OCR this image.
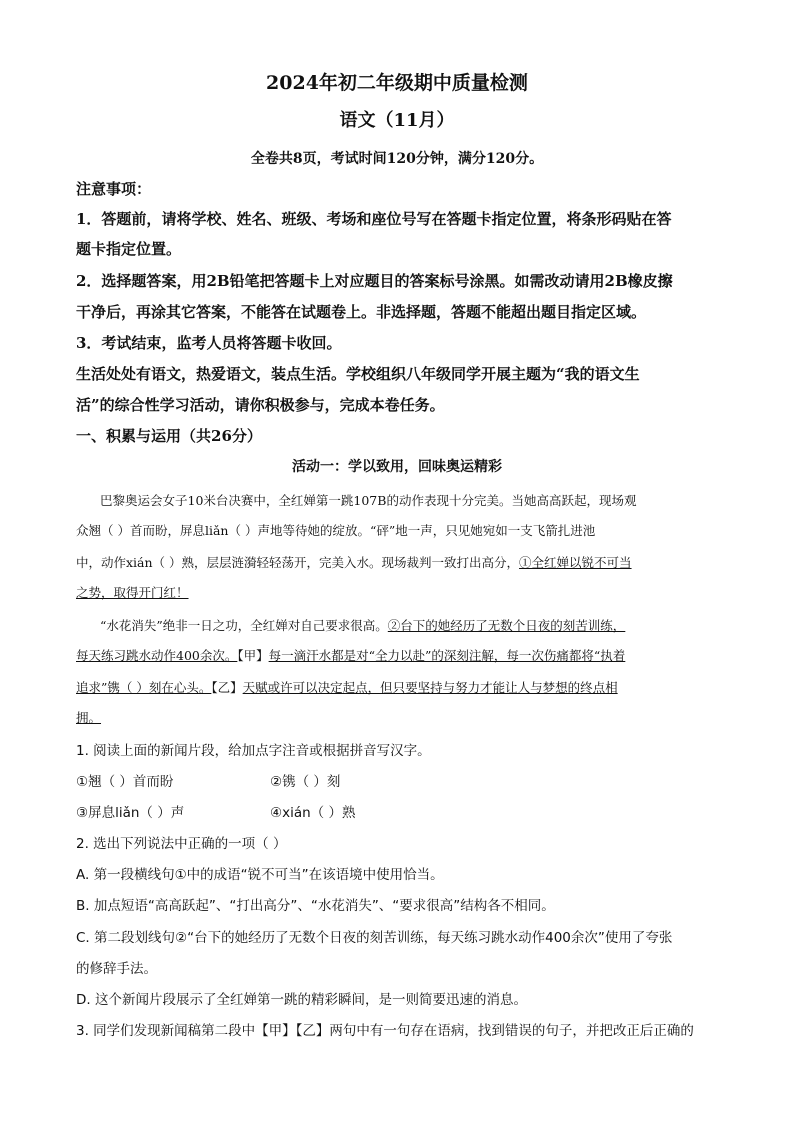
2024年初二年级期中质量检测
语文（11月）
全卷共8页，考试时间120分钟，满分120分。
注意事项：
1．答题前，请将学校、姓名、班级、考场和座位号写在答题卡指定位置，将条形码贴在答
题卡指定位置。
2．选择题答案，用2B铅笔把答题卡上对应题目的答案标号涂黑。如需改动请用2B橡皮擦
干净后，再涂其它答案，不能答在试题卷上。非选择题，答题不能超出题目指定区域。
3．考试结束，监考人员将答题卡收回。
生活处处有语文，热爱语文，装点生活。学校组织八年级同学开展主题为“我的语文生
活”的综合性学习活动，请你积极参与，完成本卷任务。
一、积累与运用（共26分）
活动一：学以致用，回味奥运精彩
巴黎奥运会女子10米台决赛中，全红婵第一跳107B的动作表现十分完美。当她高高跃起，现场观
众翘（ ）首而盼，屏息liǎn（ ）声地等待她的绽放。“砰”地一声，只见她宛如一支飞箭扎进池
中，动作xián（ ）熟，层层涟漪轻轻荡开，完美入水。现场裁判一致打出高分，①全红婵以锐不可当
之势，取得开门红！
“水花消失”绝非一日之功，全红婵对自己要求很高。②台下的她经历了无数个日夜的刻苦训练，
每天练习跳水动作400余次。【甲】每一滴汗水都是对“全力以赴”的深刻注解，每一次伤痛都将“执着
追求”镌（ ）刻在心头。【乙】天赋或许可以决定起点，但只要坚持与努力才能让人与梦想的终点相
拥。
1. 阅读上面的新闻片段，给加点字注音或根据拼音写汉字。
①翘（ ）首而盼	②镌（ ）刻
③屏息liǎn（ ）声	④xián（ ）熟
2. 选出下列说法中正确的一项（ ）
A. 第一段横线句①中的成语“锐不可当”在该语境中使用恰当。
B. 加点短语“高高跃起”、“打出高分”、“水花消失”、“要求很高”结构各不相同。
C. 第二段划线句②“台下的她经历了无数个日夜的刻苦训练，每天练习跳水动作400余次”使用了夸张
的修辞手法。
D. 这个新闻片段展示了全红婵第一跳的精彩瞬间，是一则简要迅速的消息。
3. 同学们发现新闻稿第二段中【甲】【乙】两句中有一句存在语病，找到错误的句子，并把改正后正确的
